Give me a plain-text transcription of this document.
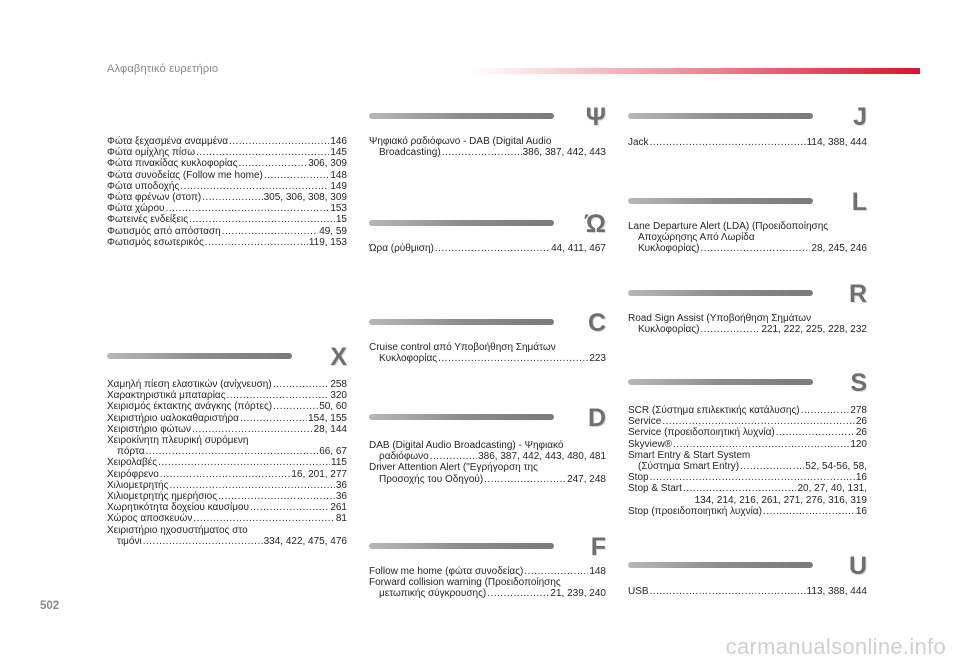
Αλφαβητικό ευρετήριο
Φώτα ξεχασμένα αναμμένα .....	146
Φώτα ομίχλης πίσω .....	145
Φώτα πινακίδας κυκλοφορίας .....	306, 309
Φώτα συνοδείας (Follow me home) .....	148
Φώτα υποδοχής .....	149
Φώτα φρένων (στοπ) .....	305, 306, 308, 309
Φώτα χώρου .....	153
Φωτεινές ενδείξεις .....	15
Φωτισμός από απόσταση .....	49, 59
Φωτισμός εσωτερικός .....	119, 153
X
Χαμηλή πίεση ελαστικών (ανίχνευση) .....	258
Χαρακτηριστικά μπαταρίας .....	320
Χειρισμός έκτακτης ανάγκης (πόρτες) .....	50, 60
Χειριστήριο υαλοκαθαριστήρα .....	154, 155
Χειριστήριο φώτων .....	28, 144
Χειροκίνητη πλευρική συρόμενη
πόρτα .....	66, 67
Χειρολαβές .....	115
Χειρόφρενο .....	16, 201, 277
Χιλιομετρητής .....	36
Χιλιομετρητής ημερήσιος .....	36
Χωρητικότητα δοχείου καυσίμου .....	261
Χώρος αποσκευών .....	81
Χειριστήριο ηχοσυστήματος στο
τιμόνι .....	334, 422, 475, 476
Ψ
Ψηφιακό ραδιόφωνο - DAB (Digital Audio
Broadcasting) .....	386, 387, 442, 443
Ώ
Ώρα (ρύθμιση) .....	44, 411, 467
C
Cruise control από Υποβοήθηση Σημάτων
Κυκλοφορίας .....	223
D
DAB (Digital Audio Broadcasting) - Ψηφιακό
ραδιόφωνο .....	386, 387, 442, 443, 480, 481
Driver Attention Alert ("Εγρήγορση της
Προσοχής του Οδηγού) .....	247, 248
F
Follow me home (φώτα συνοδείας) .....	148
Forward collision warning (Προειδοποίησης
μετωπικής σύγκρουσης) .....	21, 239, 240
J
Jack .....	114, 388, 444
L
Lane Departure Alert (LDA) (Προειδοποίησης
Αποχώρησης Από Λωρίδα
Κυκλοφορίας) .....	28, 245, 246
R
Road Sign Assist (Υποβοήθηση Σημάτων
Κυκλοφορίας) .....	221, 222, 225, 228, 232
S
SCR (Σύστημα επιλεκτικής κατάλυσης) .....	278
Service .....	26
Service (προειδοποιητική λυχνία) .....	26
Skyview® .....	120
Smart Entry & Start System
(Σύστημα Smart Entry) .....	52, 54-56, 58,
Stop .....	16
Stop & Start .....	20, 27, 40, 131,
134, 214, 216, 261, 271, 276, 316, 319
Stop (προειδοποιητική λυχνία) .....	16
U
USB .....	113, 388, 444
502
carmanualsonline.info
